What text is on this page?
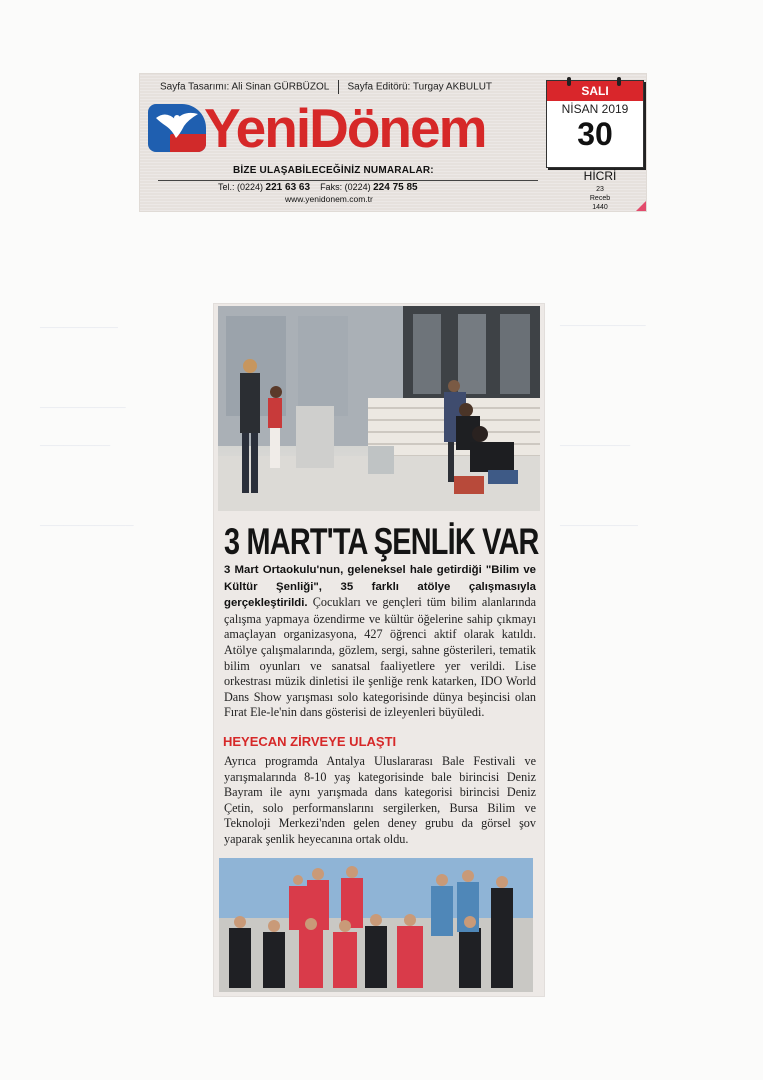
──────────
───────────
─────────
────────────
───────────
─────────
──────────
Sayfa Tasarımı: Ali Sinan GÜRBÜZOL Sayfa Editörü: Turgay AKBULUT
YeniDönem
BİZE ULAŞABİLECEĞİNİZ NUMARALAR:
Tel.: (0224) 221 63 63 Faks: (0224) 224 75 85
www.yenidonem.com.tr
SALI
NİSAN 2019
30
HİCRİ
23 Receb 1440
3 MART'TA ŞENLİK VAR
3 Mart Ortaokulu'nun, geleneksel hale getirdiği "Bilim ve Kültür Şenliği", 35 farklı atölye çalışmasıyla gerçekleştirildi. Çocukları ve gençleri tüm bilim alanlarında çalışma yapmaya özendirme ve kültür öğelerine sahip çıkmayı amaçlayan organizasyona, 427 öğrenci aktif olarak katıldı. Atölye çalışmalarında, gözlem, sergi, sahne gösterileri, tematik bilim oyunları ve sanatsal faaliyetlere yer verildi. Lise orkestrası müzik dinletisi ile şenliğe renk katarken, IDO World Dans Show yarışması solo kategorisinde dünya beşincisi olan Fırat Ele-le'nin dans gösterisi de izleyenleri büyüledi.
HEYECAN ZİRVEYE ULAŞTI
Ayrıca programda Antalya Uluslararası Bale Festivali ve yarışmalarında 8-10 yaş kategorisinde bale birincisi Deniz Bayram ile aynı yarışmada dans kategorisi birincisi Deniz Çetin, solo performanslarını sergilerken, Bursa Bilim ve Teknoloji Merkezi'nden gelen deney grubu da görsel şov yaparak şenlik heyecanına ortak oldu.
